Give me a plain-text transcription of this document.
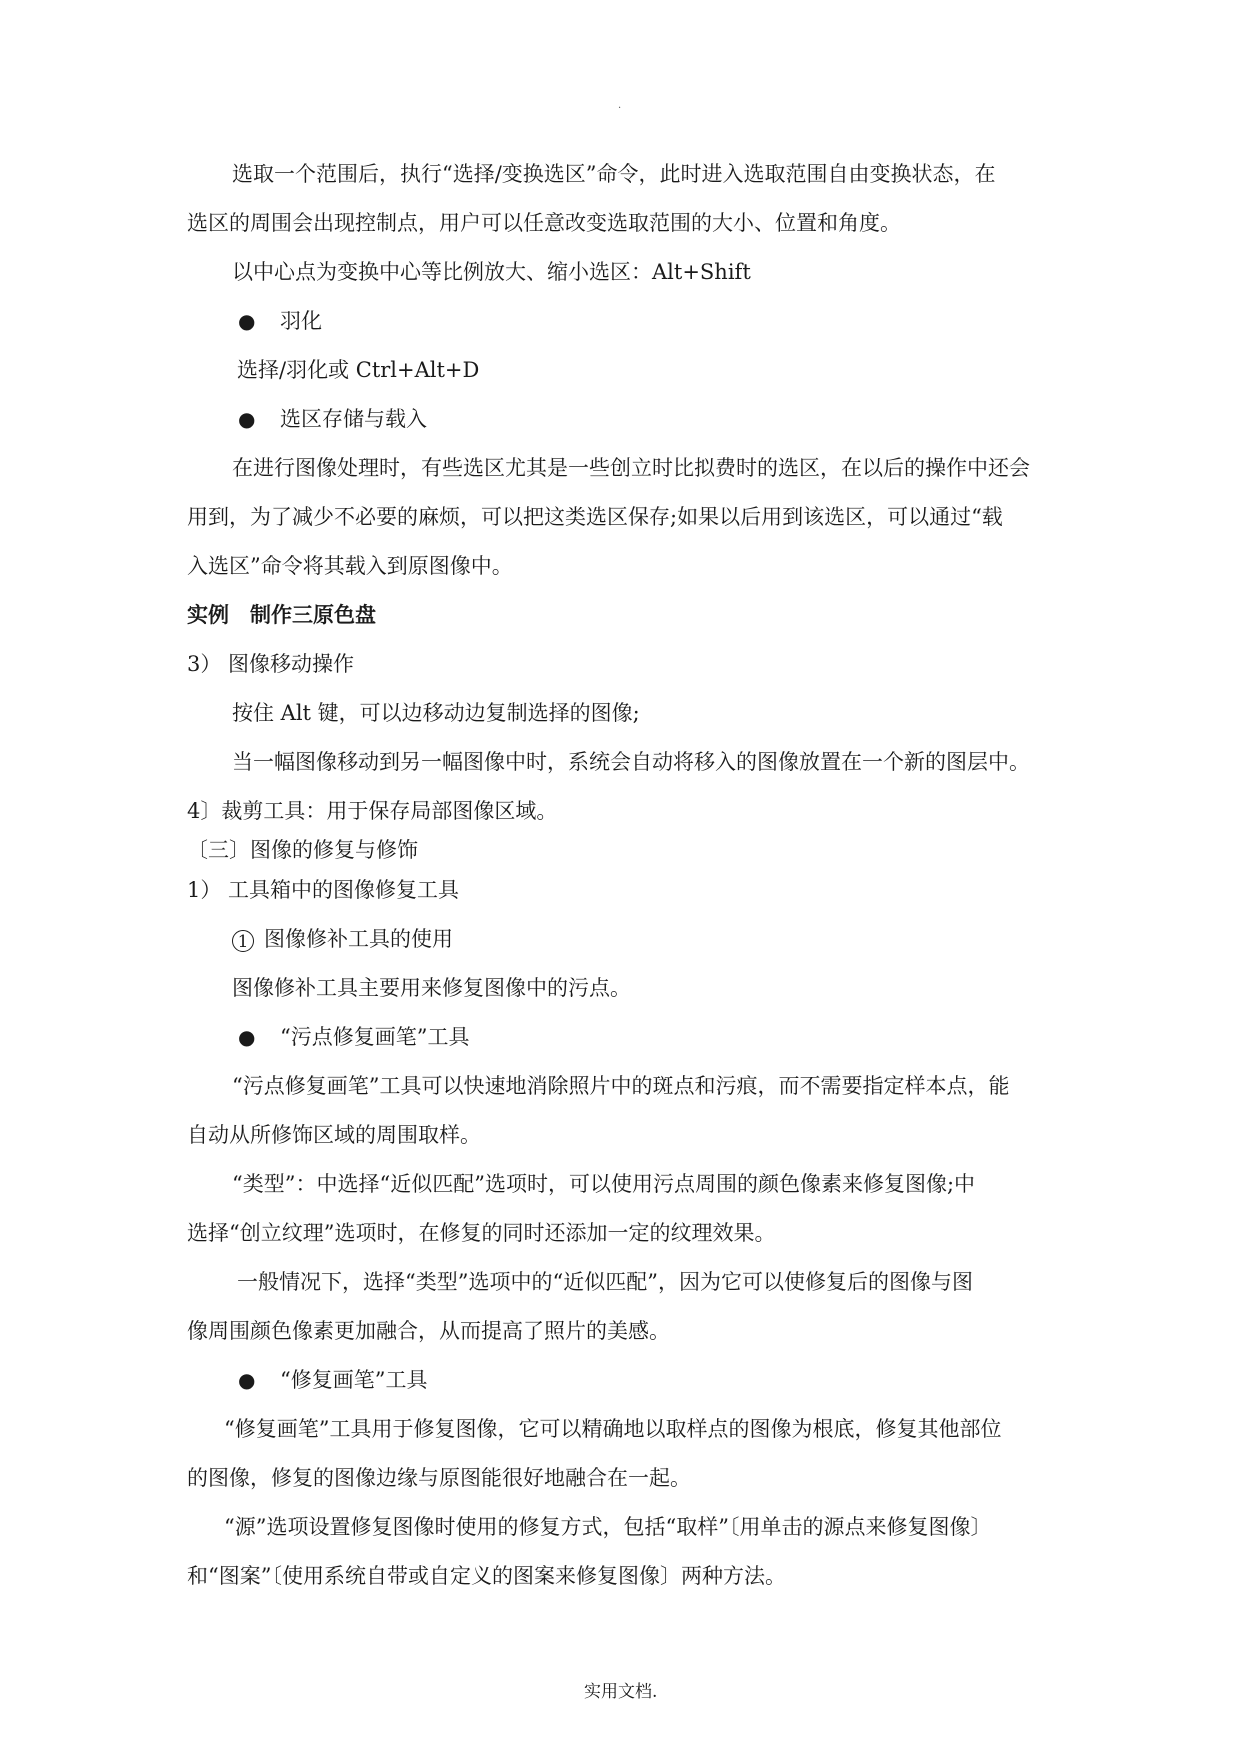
.
选取一个范围后，执行“选择/变换选区”命令，此时进入选取范围自由变换状态，在
选区的周围会出现控制点，用户可以任意改变选取范围的大小、位置和角度。
以中心点为变换中心等比例放大、缩小选区：Alt+Shift
● 羽化
选择/羽化或 Ctrl+Alt+D
● 选区存储与载入
在进行图像处理时，有些选区尤其是一些创立时比拟费时的选区，在以后的操作中还会
用到，为了减少不必要的麻烦，可以把这类选区保存;如果以后用到该选区，可以通过“载
入选区”命令将其载入到原图像中。
实例　制作三原色盘
3） 图像移动操作
按住 Alt 键，可以边移动边复制选择的图像;
当一幅图像移动到另一幅图像中时，系统会自动将移入的图像放置在一个新的图层中。
4〕裁剪工具：用于保存局部图像区域。
〔三〕图像的修复与修饰
1） 工具箱中的图像修复工具
1 图像修补工具的使用
图像修补工具主要用来修复图像中的污点。
● “污点修复画笔”工具
“污点修复画笔”工具可以快速地消除照片中的斑点和污痕，而不需要指定样本点，能
自动从所修饰区域的周围取样。
“类型”：中选择“近似匹配”选项时，可以使用污点周围的颜色像素来修复图像;中
选择“创立纹理”选项时，在修复的同时还添加一定的纹理效果。
一般情况下，选择“类型”选项中的“近似匹配”，因为它可以使修复后的图像与图
像周围颜色像素更加融合，从而提高了照片的美感。
● “修复画笔”工具
“修复画笔”工具用于修复图像，它可以精确地以取样点的图像为根底，修复其他部位
的图像，修复的图像边缘与原图能很好地融合在一起。
“源”选项设置修复图像时使用的修复方式，包括“取样”〔用单击的源点来修复图像〕
和“图案”〔使用系统自带或自定义的图案来修复图像〕两种方法。
实用文档.
